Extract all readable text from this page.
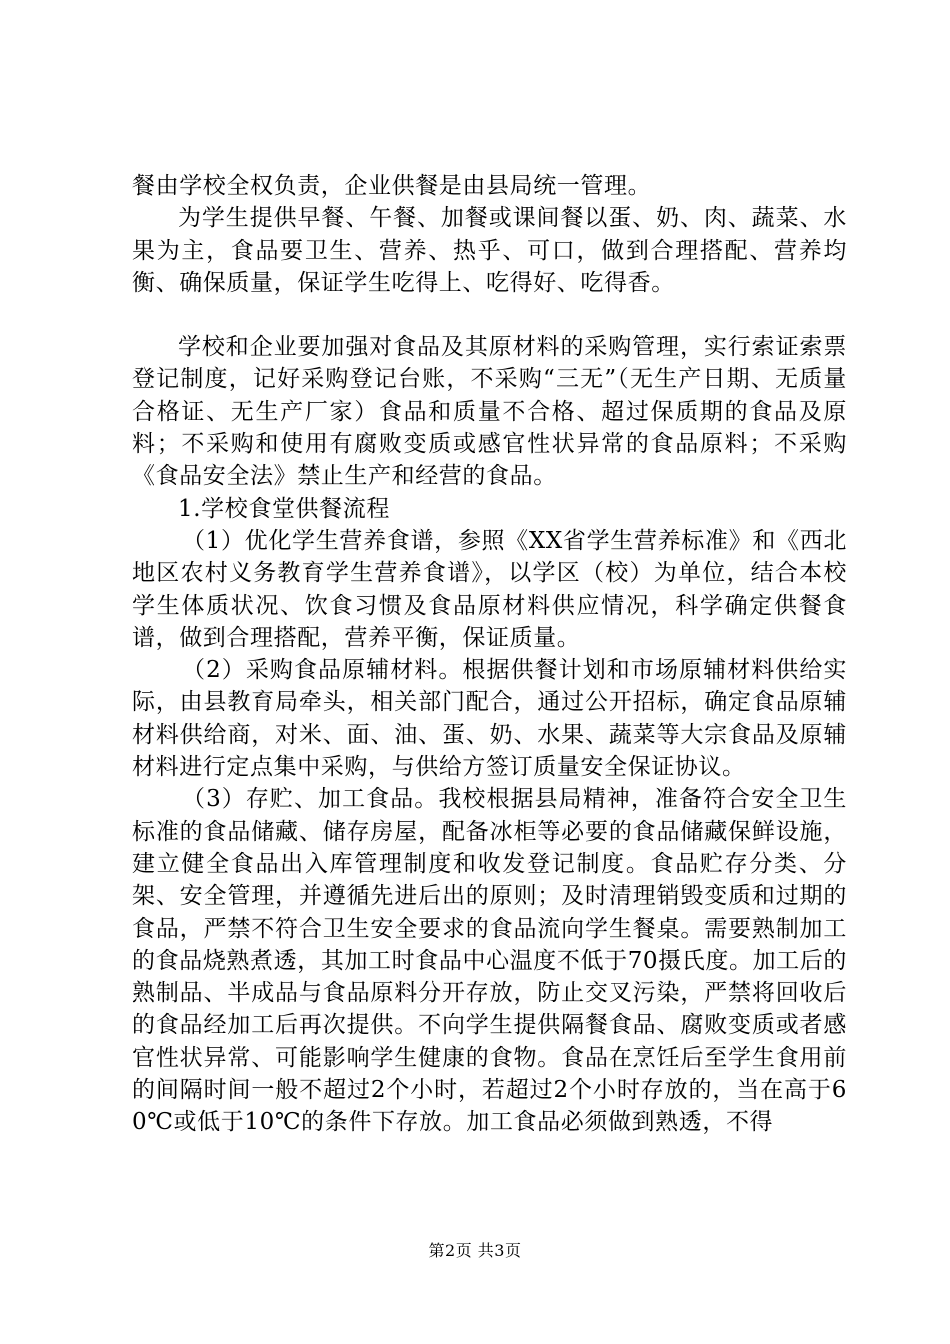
餐由学校全权负责，企业供餐是由县局统一管理。

为学生提供早餐、午餐、加餐或课间餐以蛋、奶、肉、蔬菜、水果为主，食品要卫生、营养、热乎、可口，做到合理搭配、营养均衡、确保质量，保证学生吃得上、吃得好、吃得香。

学校和企业要加强对食品及其原材料的采购管理，实行索证索票登记制度，记好采购登记台账，不采购“三无”（无生产日期、无质量合格证、无生产厂家）食品和质量不合格、超过保质期的食品及原料；不采购和使用有腐败变质或感官性状异常的食品原料；不采购《食品安全法》禁止生产和经营的食品。

1.学校食堂供餐流程

（1）优化学生营养食谱，参照《XX省学生营养标准》和《西北地区农村义务教育学生营养食谱》，以学区（校）为单位，结合本校学生体质状况、饮食习惯及食品原材料供应情况，科学确定供餐食谱，做到合理搭配，营养平衡，保证质量。

（2）采购食品原辅材料。根据供餐计划和市场原辅材料供给实际，由县教育局牵头，相关部门配合，通过公开招标，确定食品原辅材料供给商，对米、面、油、蛋、奶、水果、蔬菜等大宗食品及原辅材料进行定点集中采购，与供给方签订质量安全保证协议。

（3）存贮、加工食品。我校根据县局精神，准备符合安全卫生标准的食品储藏、储存房屋，配备冰柜等必要的食品储藏保鲜设施，建立健全食品出入库管理制度和收发登记制度。食品贮存分类、分架、安全管理，并遵循先进后出的原则；及时清理销毁变质和过期的食品，严禁不符合卫生安全要求的食品流向学生餐桌。需要熟制加工的食品烧熟煮透，其加工时食品中心温度不低于70摄氏度。加工后的熟制品、半成品与食品原料分开存放，防止交叉污染，严禁将回收后的食品经加工后再次提供。不向学生提供隔餐食品、腐败变质或者感官性状异常、可能影响学生健康的食物。食品在烹饪后至学生食用前的间隔时间一般不超过2个小时，若超过2个小时存放的，当在高于60℃或低于10℃的条件下存放。加工食品必须做到熟透，不得

第2页 共3页
